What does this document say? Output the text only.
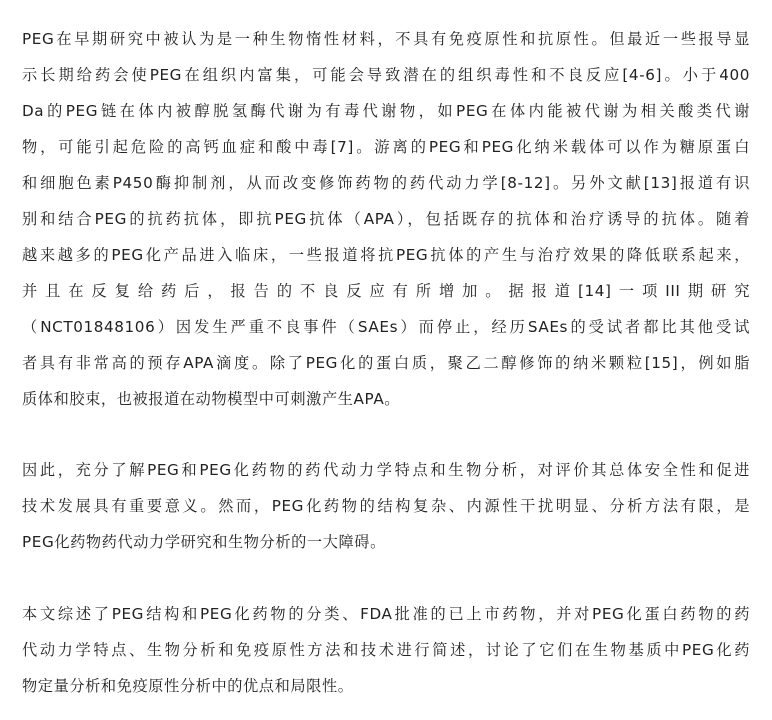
PEG在早期研究中被认为是一种生物惰性材料，不具有免疫原性和抗原性。但最近一些报导显
示长期给药会使PEG在组织内富集，可能会导致潜在的组织毒性和不良反应[4-6]。小于400
Da的PEG链在体内被醇脱氢酶代谢为有毒代谢物，如PEG在体内能被代谢为相关酸类代谢
物，可能引起危险的高钙血症和酸中毒[7]。游离的PEG和PEG化纳米载体可以作为糖原蛋白
和细胞色素P450酶抑制剂，从而改变修饰药物的药代动力学[8-12]。另外文献[13]报道有识
别和结合PEG的抗药抗体，即抗PEG抗体（APA），包括既存的抗体和治疗诱导的抗体。随着
越来越多的PEG化产品进入临床，一些报道将抗PEG抗体的产生与治疗效果的降低联系起来，
并且在反复给药后，报告的不良反应有所增加。据报道[14]一项III期研究
（NCT01848106）因发生严重不良事件（SAEs）而停止，经历SAEs的受试者都比其他受试
者具有非常高的预存APA滴度。除了PEG化的蛋白质，聚乙二醇修饰的纳米颗粒[15]，例如脂
质体和胶束，也被报道在动物模型中可刺激产生APA。
因此，充分了解PEG和PEG化药物的药代动力学特点和生物分析，对评价其总体安全性和促进
技术发展具有重要意义。然而，PEG化药物的结构复杂、内源性干扰明显、分析方法有限，是
PEG化药物药代动力学研究和生物分析的一大障碍。
本文综述了PEG结构和PEG化药物的分类、FDA批准的已上市药物，并对PEG化蛋白药物的药
代动力学特点、生物分析和免疫原性方法和技术进行简述，讨论了它们在生物基质中PEG化药
物定量分析和免疫原性分析中的优点和局限性。
